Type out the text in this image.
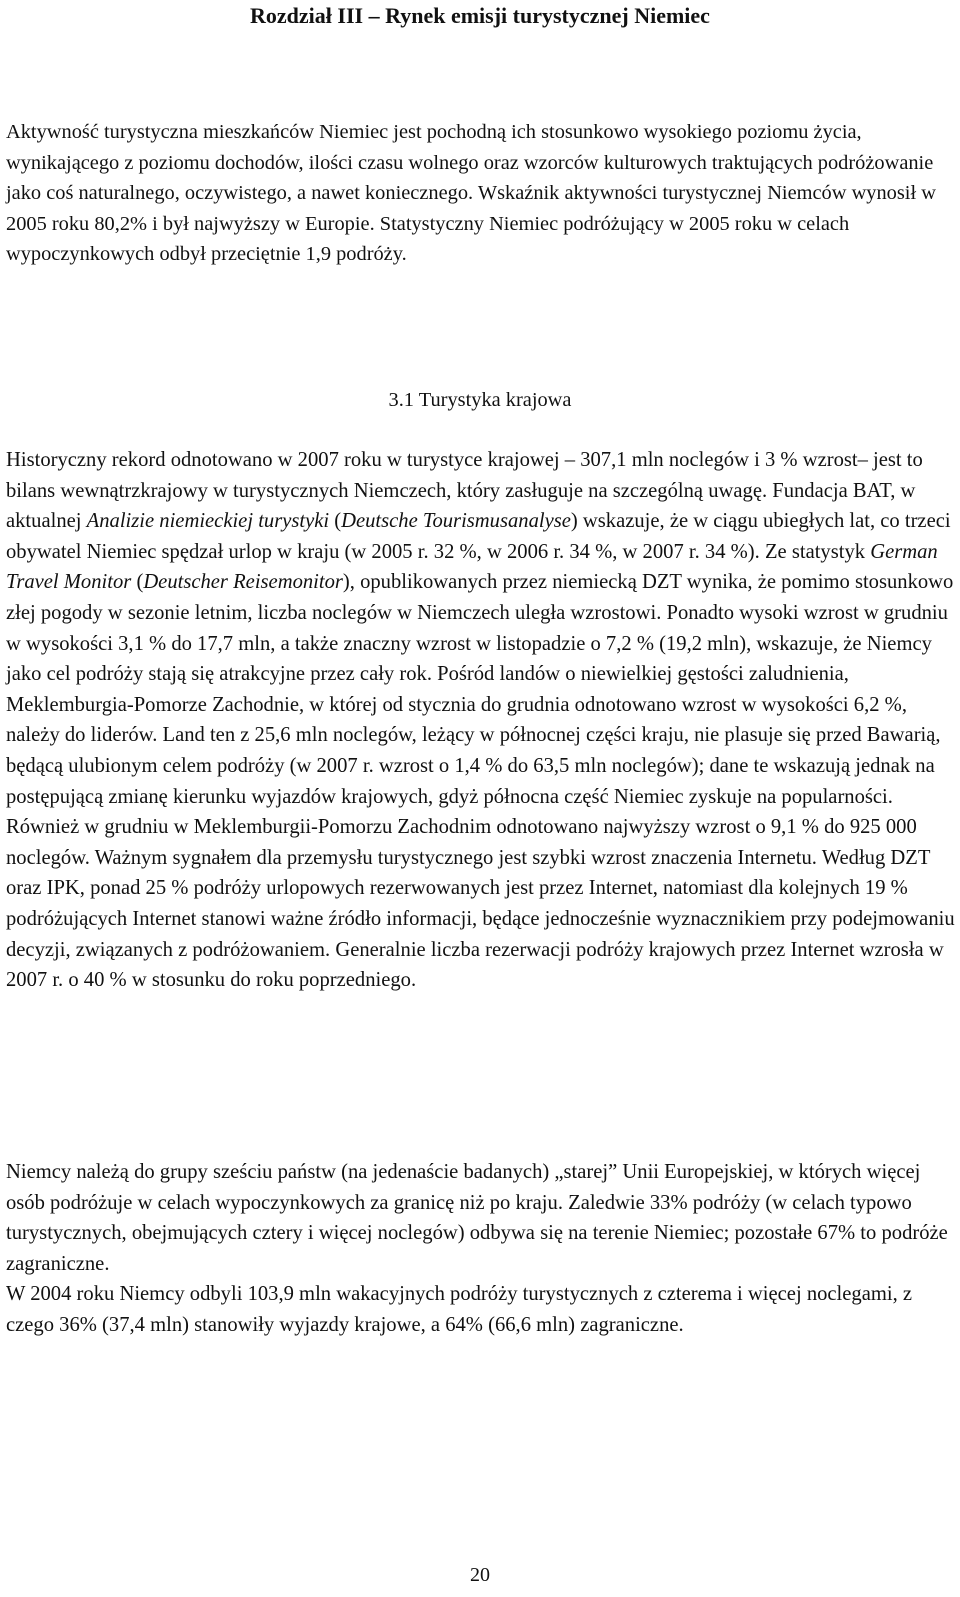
Rozdział III – Rynek emisji turystycznej Niemiec

Aktywność turystyczna mieszkańców Niemiec jest pochodną ich stosunkowo wysokiego poziomu życia, wynikającego z poziomu dochodów, ilości czasu wolnego oraz wzorców kulturowych traktujących podróżowanie jako coś naturalnego, oczywistego, a nawet koniecznego. Wskaźnik aktywności turystycznej Niemców wynosił w 2005 roku 80,2% i był najwyższy w Europie. Statystyczny Niemiec podróżujący w 2005 roku w celach wypoczynkowych odbył przeciętnie 1,9 podróży.

3.1 Turystyka krajowa

Historyczny rekord odnotowano w 2007 roku w turystyce krajowej – 307,1 mln noclegów i 3 % wzrost– jest to bilans wewnątrzkrajowy w turystycznych Niemczech, który zasługuje na szczególną uwagę. Fundacja BAT, w aktualnej Analizie niemieckiej turystyki (Deutsche Tourismusanalyse) wskazuje, że w ciągu ubiegłych lat, co trzeci obywatel Niemiec spędzał urlop w kraju (w 2005 r. 32 %, w 2006 r. 34 %, w 2007 r. 34 %). Ze statystyk German Travel Monitor (Deutscher Reisemonitor), opublikowanych przez niemiecką DZT wynika, że pomimo stosunkowo złej pogody w sezonie letnim, liczba noclegów w Niemczech uległa wzrostowi. Ponadto wysoki wzrost w grudniu w wysokości 3,1 % do 17,7 mln, a także znaczny wzrost w listopadzie o 7,2 % (19,2 mln), wskazuje, że Niemcy jako cel podróży stają się atrakcyjne przez cały rok. Pośród landów o niewielkiej gęstości zaludnienia, Meklemburgia-Pomorze Zachodnie, w której od stycznia do grudnia odnotowano wzrost w wysokości 6,2 %, należy do liderów. Land ten z 25,6 mln noclegów, leżący w północnej części kraju, nie plasuje się przed Bawarią, będącą ulubionym celem podróży (w 2007 r. wzrost o 1,4 % do 63,5 mln noclegów); dane te wskazują jednak na postępującą zmianę kierunku wyjazdów krajowych, gdyż północna część Niemiec zyskuje na popularności. Również w grudniu w Meklemburgii-Pomorzu Zachodnim odnotowano najwyższy wzrost o 9,1 % do 925 000 noclegów. Ważnym sygnałem dla przemysłu turystycznego jest szybki wzrost znaczenia Internetu. Według DZT oraz IPK, ponad 25 % podróży urlopowych rezerwowanych jest przez Internet, natomiast dla kolejnych 19 % podróżujących Internet stanowi ważne źródło informacji, będące jednocześnie wyznacznikiem przy podejmowaniu decyzji, związanych z podróżowaniem. Generalnie liczba rezerwacji podróży krajowych przez Internet wzrosła w 2007 r. o 40 % w stosunku do roku poprzedniego.

Niemcy należą do grupy sześciu państw (na jedenaście badanych) „starej” Unii Europejskiej, w których więcej osób podróżuje w celach wypoczynkowych za granicę niż po kraju. Zaledwie 33% podróży (w celach typowo turystycznych, obejmujących cztery i więcej noclegów) odbywa się na terenie Niemiec; pozostałe 67% to podróże zagraniczne.
W 2004 roku Niemcy odbyli 103,9 mln wakacyjnych podróży turystycznych z czterema i więcej noclegami, z czego 36% (37,4 mln) stanowiły wyjazdy krajowe, a 64% (66,6 mln) zagraniczne.
20
